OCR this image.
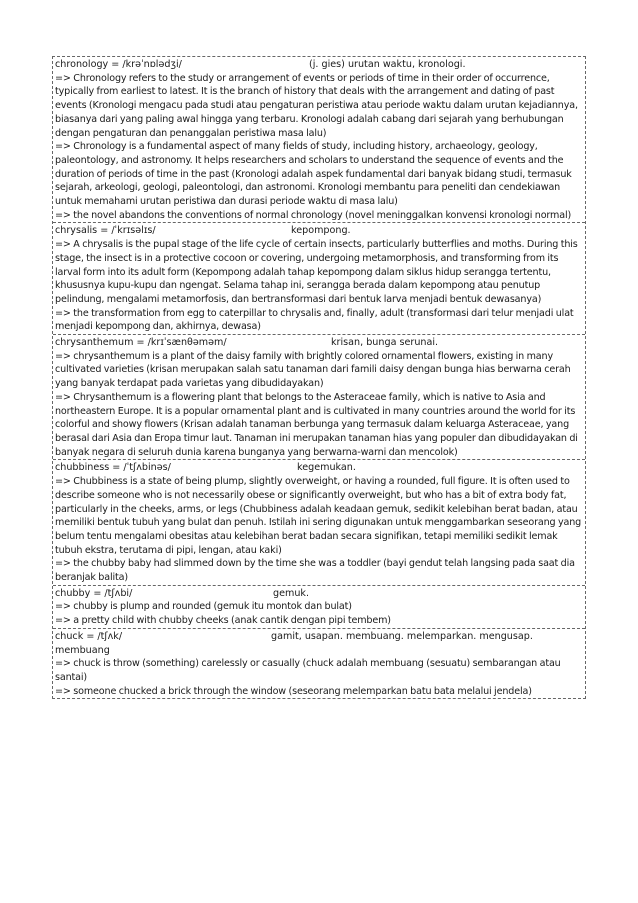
chronology = /krəˈnɒlədʒi/	(j. gies) urutan waktu, kronologi.
=> Chronology refers to the study or arrangement of events or periods of time in their order of occurrence, typically from earliest to latest. It is the branch of history that deals with the arrangement and dating of past events (Kronologi mengacu pada studi atau pengaturan peristiwa atau periode waktu dalam urutan kejadiannya, biasanya dari yang paling awal hingga yang terbaru. Kronologi adalah cabang dari sejarah yang berhubungan dengan pengaturan dan penanggalan peristiwa masa lalu)
=> Chronology is a fundamental aspect of many fields of study, including history, archaeology, geology, paleontology, and astronomy. It helps researchers and scholars to understand the sequence of events and the duration of periods of time in the past (Kronologi adalah aspek fundamental dari banyak bidang studi, termasuk sejarah, arkeologi, geologi, paleontologi, dan astronomi. Kronologi membantu para peneliti dan cendekiawan untuk memahami urutan peristiwa dan durasi periode waktu di masa lalu)
=> the novel abandons the conventions of normal chronology (novel meninggalkan konvensi kronologi normal)
chrysalis = /ˈkrɪsəlɪs/	kepompong.
=> A chrysalis is the pupal stage of the life cycle of certain insects, particularly butterflies and moths. During this stage, the insect is in a protective cocoon or covering, undergoing metamorphosis, and transforming from its larval form into its adult form (Kepompong adalah tahap kepompong dalam siklus hidup serangga tertentu, khususnya kupu-kupu dan ngengat. Selama tahap ini, serangga berada dalam kepompong atau penutup pelindung, mengalami metamorfosis, dan bertransformasi dari bentuk larva menjadi bentuk dewasanya)
=> the transformation from egg to caterpillar to chrysalis and, finally, adult (transformasi dari telur menjadi ulat menjadi kepompong dan, akhirnya, dewasa)
chrysanthemum = /krɪˈsænθəməm/	krisan, bunga serunai.
=> chrysanthemum is a plant of the daisy family with brightly colored ornamental flowers, existing in many cultivated varieties (krisan merupakan salah satu tanaman dari famili daisy dengan bunga hias berwarna cerah yang banyak terdapat pada varietas yang dibudidayakan)
=> Chrysanthemum is a flowering plant that belongs to the Asteraceae family, which is native to Asia and northeastern Europe. It is a popular ornamental plant and is cultivated in many countries around the world for its colorful and showy flowers (Krisan adalah tanaman berbunga yang termasuk dalam keluarga Asteraceae, yang berasal dari Asia dan Eropa timur laut. Tanaman ini merupakan tanaman hias yang populer dan dibudidayakan di banyak negara di seluruh dunia karena bunganya yang berwarna-warni dan mencolok)
chubbiness = /ˈtʃʌbinəs/	kegemukan.
=> Chubbiness is a state of being plump, slightly overweight, or having a rounded, full figure. It is often used to describe someone who is not necessarily obese or significantly overweight, but who has a bit of extra body fat, particularly in the cheeks, arms, or legs (Chubbiness adalah keadaan gemuk, sedikit kelebihan berat badan, atau memiliki bentuk tubuh yang bulat dan penuh. Istilah ini sering digunakan untuk menggambarkan seseorang yang belum tentu mengalami obesitas atau kelebihan berat badan secara signifikan, tetapi memiliki sedikit lemak tubuh ekstra, terutama di pipi, lengan, atau kaki)
=> the chubby baby had slimmed down by the time she was a toddler (bayi gendut telah langsing pada saat dia beranjak balita)
chubby = /tʃʌbi/	gemuk.
=> chubby is plump and rounded (gemuk itu montok dan bulat)
=> a pretty child with chubby cheeks (anak cantik dengan pipi tembem)
chuck = /tʃʌk/	gamit, usapan. membuang. melemparkan. mengusap. membuang
=> chuck is throw (something) carelessly or casually (chuck adalah membuang (sesuatu) sembarangan atau santai)
=> someone chucked a brick through the window (seseorang melemparkan batu bata melalui jendela)
